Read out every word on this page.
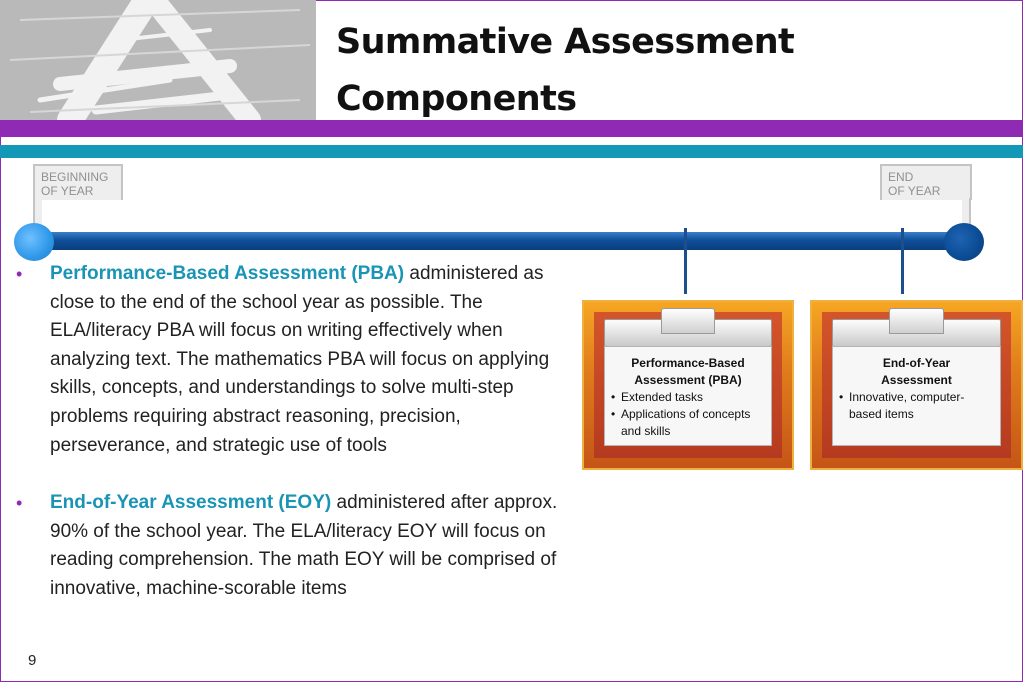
Summative Assessment
Components
BEGINNING
OF YEAR
END
OF YEAR
• Performance-Based Assessment (PBA) administered as close to the end of the school year as possible. The ELA/literacy PBA will focus on writing effectively when analyzing text. The mathematics PBA will focus on applying skills, concepts, and understandings to solve multi-step problems requiring abstract reasoning, precision, perseverance, and strategic use of tools
• End-of-Year Assessment (EOY) administered after approx. 90% of the school year. The ELA/literacy EOY will focus on reading comprehension. The math EOY will be comprised of innovative, machine-scorable items
Performance-Based
Assessment (PBA)
• Extended tasks
• Applications of concepts and skills
End-of-Year
Assessment
• Innovative, computer-based items
9
